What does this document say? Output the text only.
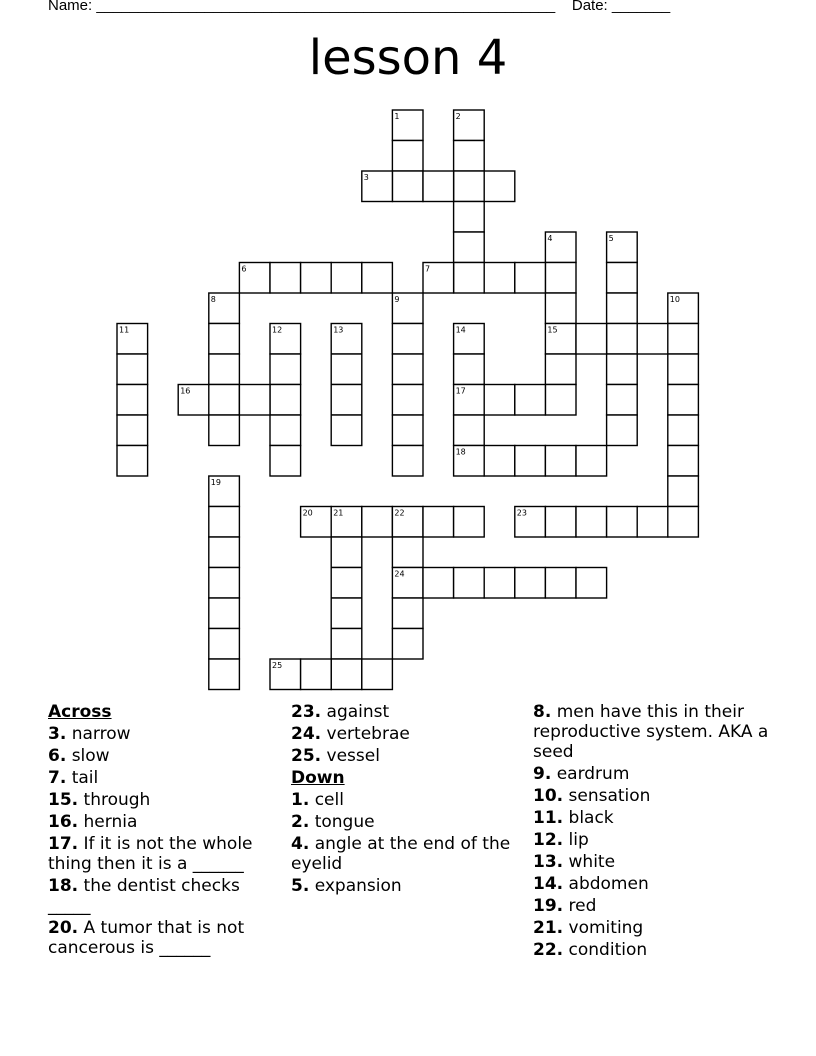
Name: _______________________________________________________ Date: _______
lesson 4
1	2
3
4	5
6	7
8	9	10
11	12	13	14	15
16	17
18
19
20	21	22	23
24
25
Across
3. narrow
6. slow
7. tail
15. through
16. hernia
17. If it is not the whole thing then it is a ______
18. the dentist checks _____
20. A tumor that is not cancerous is ______
23. against
24. vertebrae
25. vessel
Down
1. cell
2. tongue
4. angle at the end of the eyelid
5. expansion
8. men have this in their reproductive system. AKA a seed
9. eardrum
10. sensation
11. black
12. lip
13. white
14. abdomen
19. red
21. vomiting
22. condition
